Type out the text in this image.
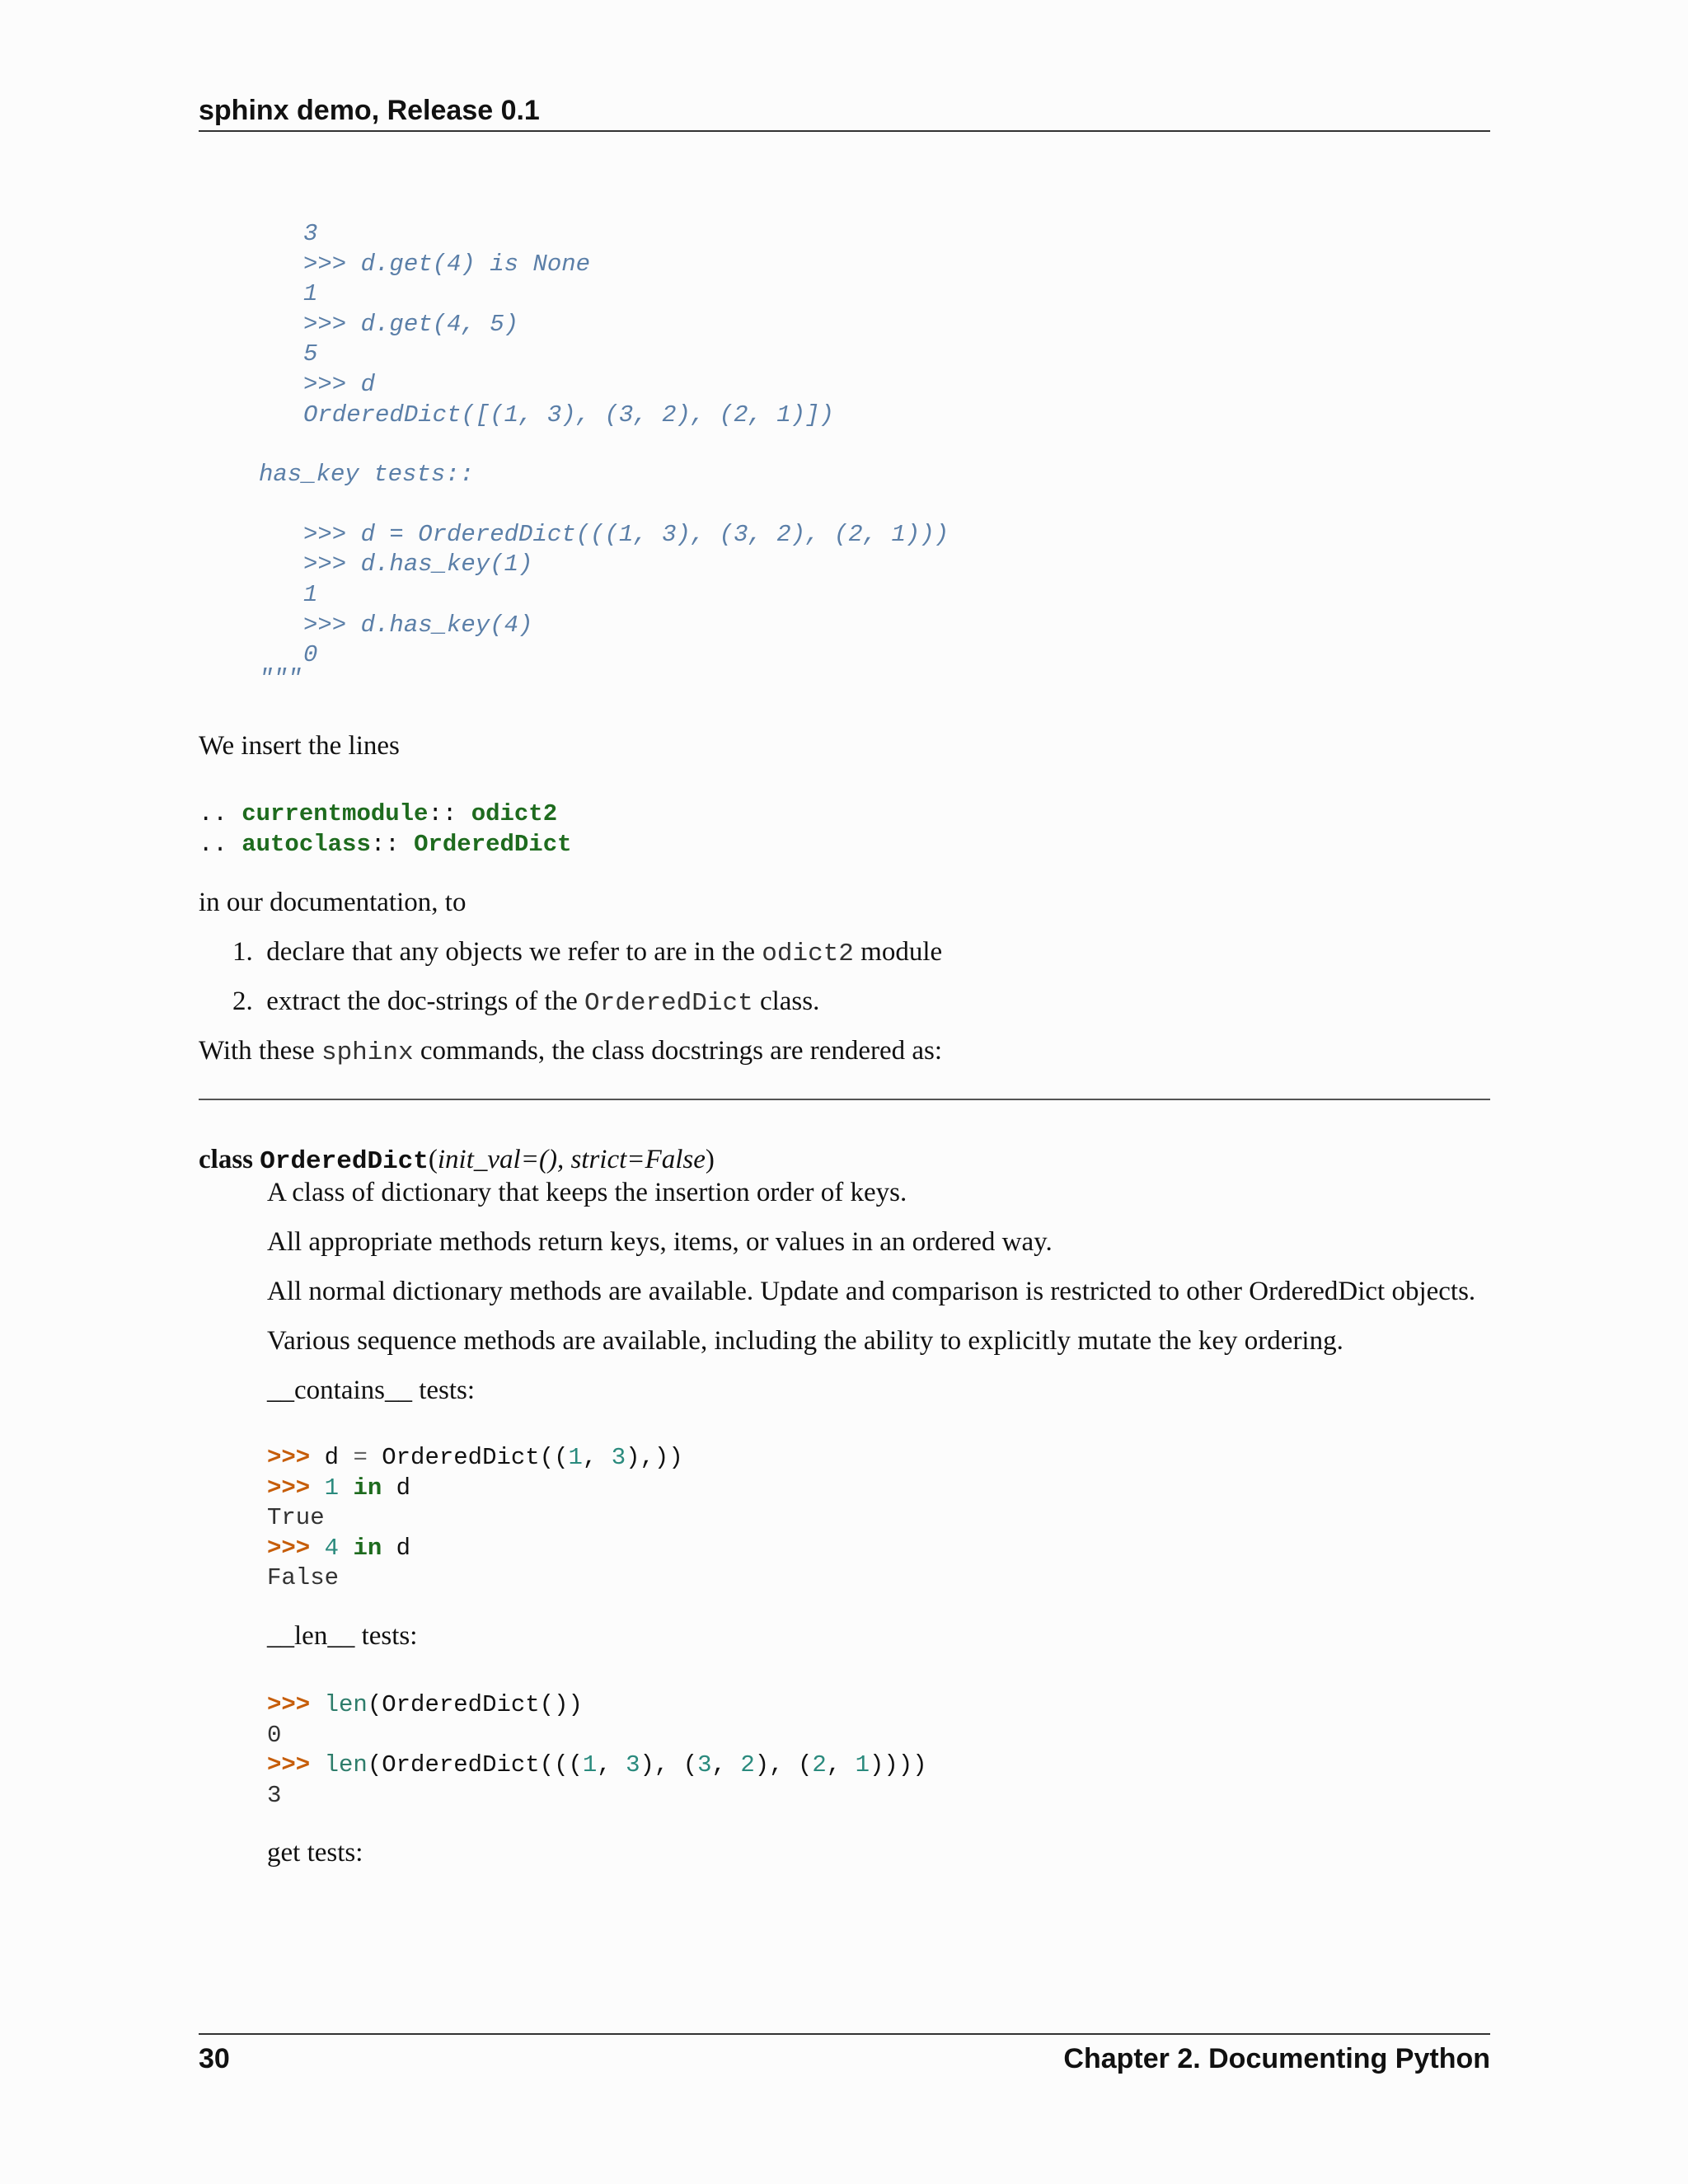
sphinx demo, Release 0.1
3
>>> d.get(4) is None
1
>>> d.get(4, 5)
5
>>> d
OrderedDict([(1, 3), (3, 2), (2, 1)])
has_key tests::
>>> d = OrderedDict(((1, 3), (3, 2), (2, 1)))
>>> d.has_key(1)
1
>>> d.has_key(4)
0
"""
We insert the lines
.. currentmodule:: odict2
.. autoclass:: OrderedDict
in our documentation, to
1. declare that any objects we refer to are in the odict2 module
2. extract the doc-strings of the OrderedDict class.
With these sphinx commands, the class docstrings are rendered as:
class OrderedDict(init_val=(), strict=False)
A class of dictionary that keeps the insertion order of keys.
All appropriate methods return keys, items, or values in an ordered way.
All normal dictionary methods are available. Update and comparison is restricted to other OrderedDict objects.
Various sequence methods are available, including the ability to explicitly mutate the key ordering.
__contains__ tests:
>>> d = OrderedDict((1, 3),))
>>> 1 in d
True
>>> 4 in d
False
__len__ tests:
>>> len(OrderedDict())
0
>>> len(OrderedDict(((1, 3), (3, 2), (2, 1))))
3
get tests:
30	Chapter 2. Documenting Python
